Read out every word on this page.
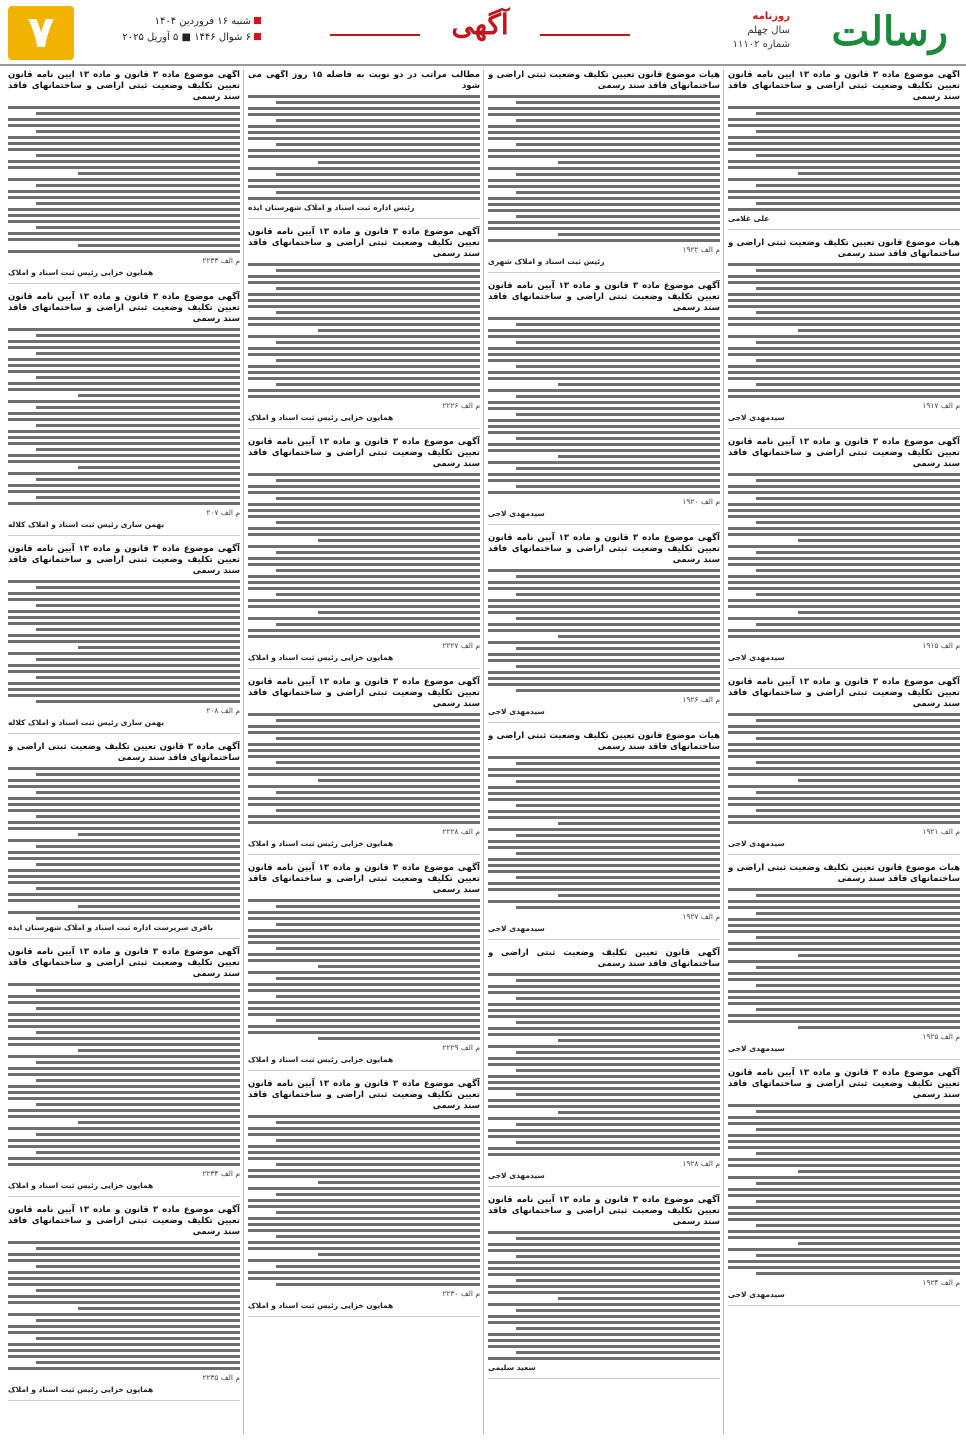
رسالت
روزنامه
سال چهلم
شماره ۱۱۱۰۲
آگهی
شنبه ۱۶ فروردین ۱۴۰۴
۶ شوال ۱۴۴۶ ■ ۵ آوریل ۲۰۲۵
۷
آگهی موضوع ماده ۳ قانون و ماده ۱۳ آیین نامه قانون تعیین تکلیف وضعیت ثبتی اراضی و ساختمانهای فاقد سند رسمی
علی غلامی
هیات موضوع قانون تعیین تکلیف وضعیت ثبتی اراضی و ساختمانهای فاقد سند رسمی
م الف ۱۹۱۷
سیدمهدی لاجی
آگهی موضوع ماده ۳ قانون و ماده ۱۳ آیین نامه قانون تعیین تکلیف وضعیت ثبتی اراضی و ساختمانهای فاقد سند رسمی
م الف ۱۹۱۵
سیدمهدی لاجی
آگهی موضوع ماده ۳ قانون و ماده ۱۳ آیین نامه قانون تعیین تکلیف وضعیت ثبتی اراضی و ساختمانهای فاقد سند رسمی
م الف ۱۹۲۱
سیدمهدی لاجی
هیات موضوع قانون تعیین تکلیف وضعیت ثبتی اراضی و ساختمانهای فاقد سند رسمی
م الف ۱۹۲۵
سیدمهدی لاجی
آگهی موضوع ماده ۳ قانون و ماده ۱۳ آیین نامه قانون تعیین تکلیف وضعیت ثبتی اراضی و ساختمانهای فاقد سند رسمی
م الف ۱۹۲۴
سیدمهدی لاجی
هیات موضوع قانون تعیین تکلیف وضعیت ثبتی اراضی و ساختمانهای فاقد سند رسمی
م الف ۱۹۲۲
رئیس ثبت اسناد و املاک شهری
آگهی موضوع ماده ۳ قانون و ماده ۱۳ آیین نامه قانون تعیین تکلیف وضعیت ثبتی اراضی و ساختمانهای فاقد سند رسمی
م الف ۱۹۲۰
سیدمهدی لاجی
آگهی موضوع ماده ۳ قانون و ماده ۱۳ آیین نامه قانون تعیین تکلیف وضعیت ثبتی اراضی و ساختمانهای فاقد سند رسمی
م الف ۱۹۲۶
سیدمهدی لاجی
هیات موضوع قانون تعیین تکلیف وضعیت ثبتی اراضی و ساختمانهای فاقد سند رسمی
م الف ۱۹۲۷
سیدمهدی لاجی
آگهی قانون تعیین تکلیف وضعیت ثبتی اراضی و ساختمانهای فاقد سند رسمی
م الف ۱۹۲۸
سیدمهدی لاجی
آگهی موضوع ماده ۳ قانون و ماده ۱۳ آیین نامه قانون تعیین تکلیف وضعیت ثبتی اراضی و ساختمانهای فاقد سند رسمی
سعید سلیمی
مطالب مراتب در دو نوبت به فاصله ۱۵ روز آگهی می شود
رئیس اداره ثبت اسناد و املاک شهرستان ایذه
آگهی موضوع ماده ۳ قانون و ماده ۱۳ آیین نامه قانون تعیین تکلیف وضعیت ثبتی اراضی و ساختمانهای فاقد سند رسمی
م الف ۲۲۲۶
همایون خزایی رئیس ثبت اسناد و املاک
آگهی موضوع ماده ۳ قانون و ماده ۱۳ آیین نامه قانون تعیین تکلیف وضعیت ثبتی اراضی و ساختمانهای فاقد سند رسمی
م الف ۲۲۲۷
همایون خزایی رئیس ثبت اسناد و املاک
آگهی موضوع ماده ۳ قانون و ماده ۱۳ آیین نامه قانون تعیین تکلیف وضعیت ثبتی اراضی و ساختمانهای فاقد سند رسمی
م الف ۲۲۲۸
همایون خزایی رئیس ثبت اسناد و املاک
آگهی موضوع ماده ۳ قانون و ماده ۱۳ آیین نامه قانون تعیین تکلیف وضعیت ثبتی اراضی و ساختمانهای فاقد سند رسمی
م الف ۲۲۲۹
همایون خزایی رئیس ثبت اسناد و املاک
آگهی موضوع ماده ۳ قانون و ماده ۱۳ آیین نامه قانون تعیین تکلیف وضعیت ثبتی اراضی و ساختمانهای فاقد سند رسمی
م الف ۲۲۳۰
همایون خزایی رئیس ثبت اسناد و املاک
آگهی موضوع ماده ۳ قانون و ماده ۱۳ آیین نامه قانون تعیین تکلیف وضعیت ثبتی اراضی و ساختمانهای فاقد سند رسمی
م الف ۲۲۳۳
همایون خزایی رئیس ثبت اسناد و املاک
آگهی موضوع ماده ۳ قانون و ماده ۱۳ آیین نامه قانون تعیین تکلیف وضعیت ثبتی اراضی و ساختمانهای فاقد سند رسمی
م الف ۲۰۷
بهمن ساری رئیس ثبت اسناد و املاک کلاله
آگهی موضوع ماده ۳ قانون و ماده ۱۳ آیین نامه قانون تعیین تکلیف وضعیت ثبتی اراضی و ساختمانهای فاقد سند رسمی
م الف ۲۰۸
بهمن ساری رئیس ثبت اسناد و املاک کلاله
آگهی ماده ۳ قانون تعیین تکلیف وضعیت ثبتی اراضی و ساختمانهای فاقد سند رسمی
باقری سرپرست اداره ثبت اسناد و املاک شهرستان ایذه
آگهی موضوع ماده ۳ قانون و ماده ۱۳ آیین نامه قانون تعیین تکلیف وضعیت ثبتی اراضی و ساختمانهای فاقد سند رسمی
م الف ۲۲۳۴
همایون خزایی رئیس ثبت اسناد و املاک
آگهی موضوع ماده ۳ قانون و ماده ۱۳ آیین نامه قانون تعیین تکلیف وضعیت ثبتی اراضی و ساختمانهای فاقد سند رسمی
م الف ۲۲۳۵
همایون خزایی رئیس ثبت اسناد و املاک
